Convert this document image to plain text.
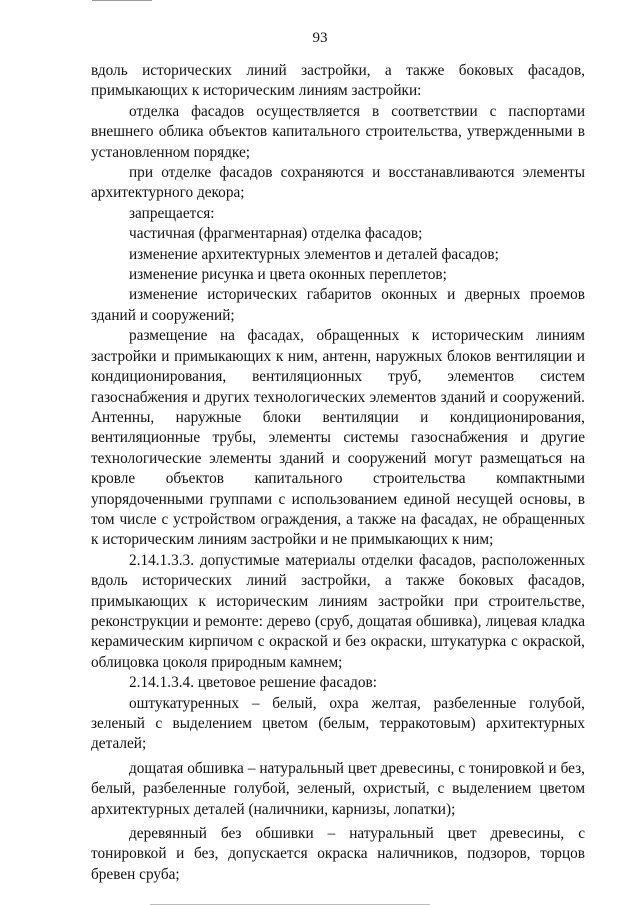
93

вдоль исторических линий застройки, а также боковых фасадов, примыкающих к историческим линиям застройки:

отделка фасадов осуществляется в соответствии с паспортами внешнего облика объектов капитального строительства, утвержденными в установленном порядке;

при отделке фасадов сохраняются и восстанавливаются элементы архитектурного декора;

запрещается:

частичная (фрагментарная) отделка фасадов;

изменение архитектурных элементов и деталей фасадов;

изменение рисунка и цвета оконных переплетов;

изменение исторических габаритов оконных и дверных проемов зданий и сооружений;

размещение на фасадах, обращенных к историческим линиям застройки и примыкающих к ним, антенн, наружных блоков вентиляции и кондиционирования, вентиляционных труб, элементов систем газоснабжения и других технологических элементов зданий и сооружений. Антенны, наружные блоки вентиляции и кондиционирования, вентиляционные трубы, элементы системы газоснабжения и другие технологические элементы зданий и сооружений могут размещаться на кровле объектов капитального строительства компактными упорядоченными группами с использованием единой несущей основы, в том числе с устройством ограждения, а также на фасадах, не обращенных к историческим линиям застройки и не примыкающих к ним;

2.14.1.3.3. допустимые материалы отделки фасадов, расположенных вдоль исторических линий застройки, а также боковых фасадов, примыкающих к историческим линиям застройки при строительстве, реконструкции и ремонте: дерево (сруб, дощатая обшивка), лицевая кладка керамическим кирпичом с окраской и без окраски, штукатурка с окраской, облицовка цоколя природным камнем;

2.14.1.3.4. цветовое решение фасадов:

оштукатуренных – белый, охра желтая, разбеленные голубой, зеленый с выделением цветом (белым, терракотовым) архитектурных деталей;

дощатая обшивка – натуральный цвет древесины, с тонировкой и без, белый, разбеленные голубой, зеленый, охристый, с выделением цветом архитектурных деталей (наличники, карнизы, лопатки);

деревянный без обшивки – натуральный цвет древесины, с тонировкой и без, допускается окраска наличников, подзоров, торцов бревен сруба;
